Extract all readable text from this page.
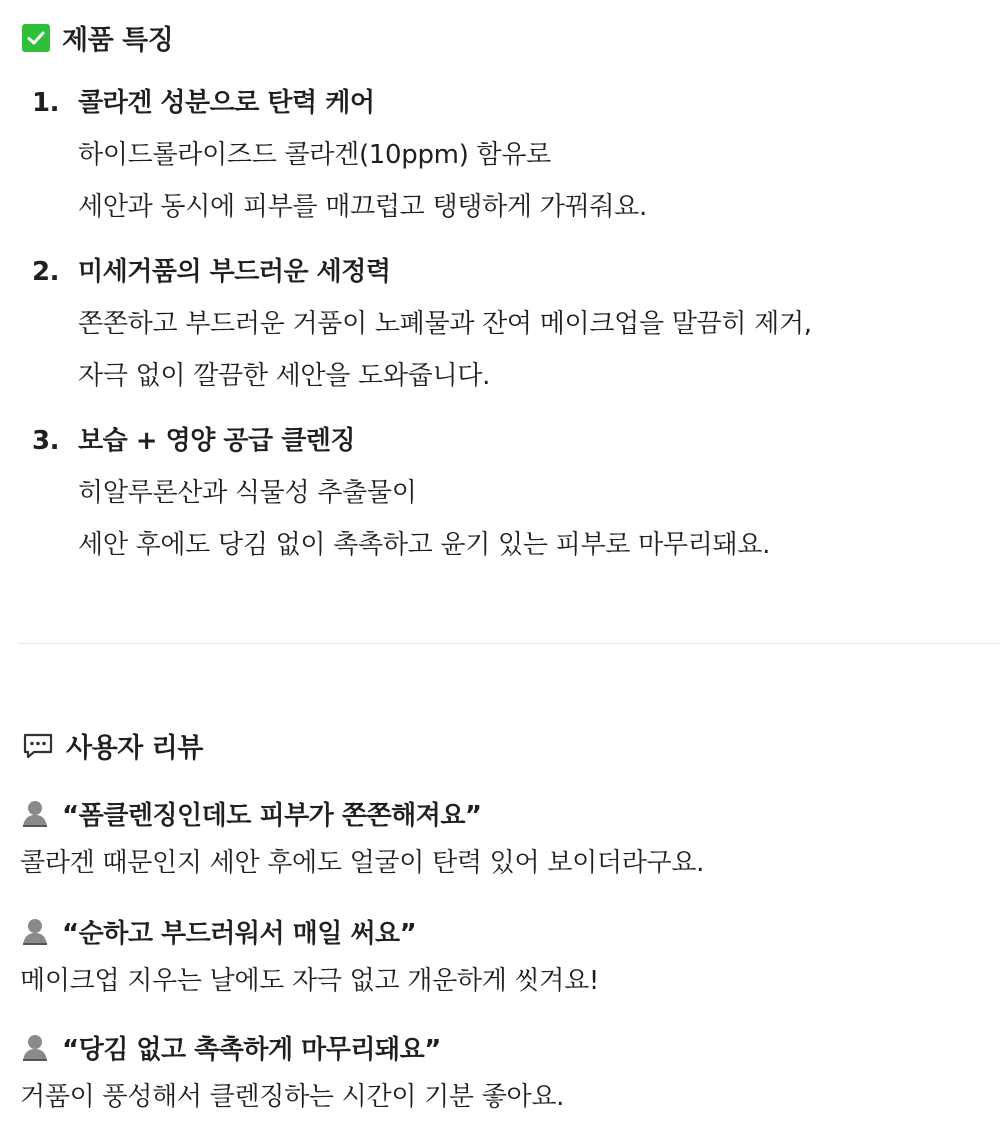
제품 특징
1. 콜라겐 성분으로 탄력 케어
하이드롤라이즈드 콜라겐(10ppm) 함유로
세안과 동시에 피부를 매끄럽고 탱탱하게 가꿔줘요.
2. 미세거품의 부드러운 세정력
쫀쫀하고 부드러운 거품이 노폐물과 잔여 메이크업을 말끔히 제거,
자극 없이 깔끔한 세안을 도와줍니다.
3. 보습 + 영양 공급 클렌징
히알루론산과 식물성 추출물이
세안 후에도 당김 없이 촉촉하고 윤기 있는 피부로 마무리돼요.
사용자 리뷰
“폼클렌징인데도 피부가 쫀쫀해져요”
콜라겐 때문인지 세안 후에도 얼굴이 탄력 있어 보이더라구요.
“순하고 부드러워서 매일 써요”
메이크업 지우는 날에도 자극 없고 개운하게 씻겨요!
“당김 없고 촉촉하게 마무리돼요”
거품이 풍성해서 클렌징하는 시간이 기분 좋아요.
